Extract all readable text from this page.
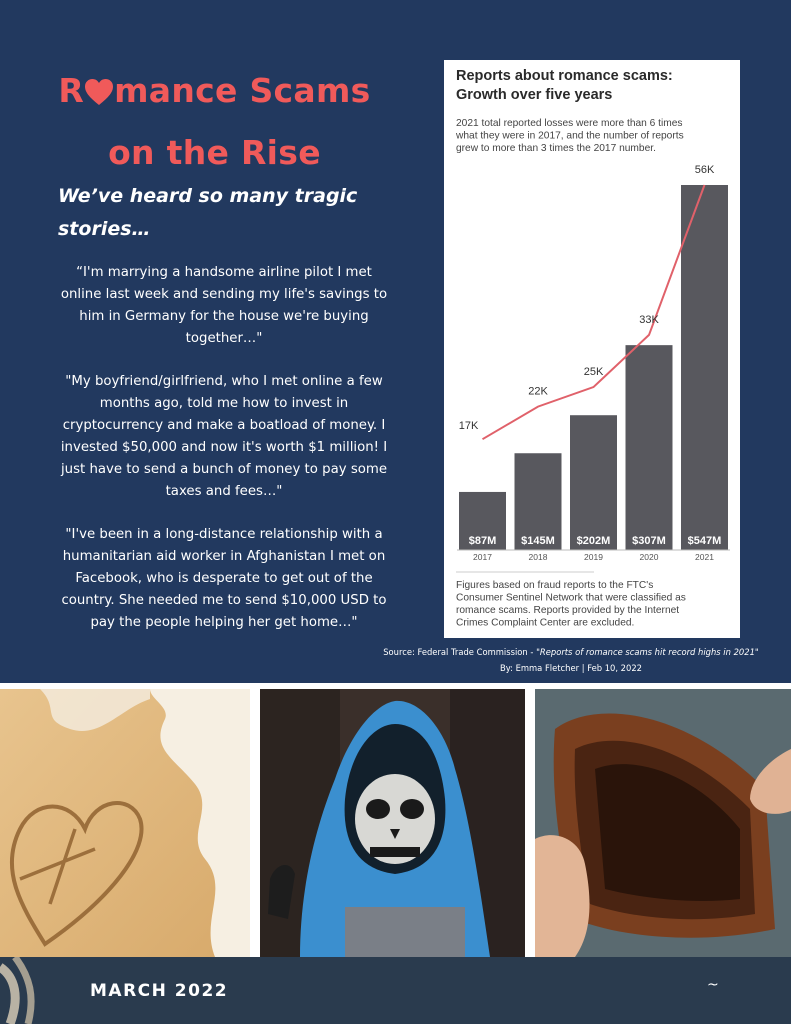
R mance Scams
on the Rise
We’ve heard so many tragic stories…

“I'm marrying a handsome airline pilot I met online last week and sending my life's savings to him in Germany for the house we're buying together…"

"My boyfriend/girlfriend, who I met online a few months ago, told me how to invest in cryptocurrency and make a boatload of money. I invested $50,000 and now it's worth $1 million! I just have to send a bunch of money to pay some taxes and fees…"

"I've been in a long-distance relationship with a humanitarian aid worker in Afghanistan I met on Facebook, who is desperate to get out of the country. She needed me to send $10,000 USD to pay the people helping her get home…"

Reports about romance scams:
Growth over five years
2021 total reported losses were more than 6 times
what they were in 2017, and the number of reports
grew to more than 3 times the 2017 number.
$87M
2017
$145M
2018
$202M
2019
$307M
2020
$547M
2021
17K
22K
25K
33K
56K
Figures based on fraud reports to the FTC's
Consumer Sentinel Network that were classified as
romance scams. Reports provided by the Internet
Crimes Complaint Center are excluded.
Source: Federal Trade Commission - "Reports of romance scams hit record highs in 2021"
By: Emma Fletcher | Feb 10, 2022
MARCH 2022	~
